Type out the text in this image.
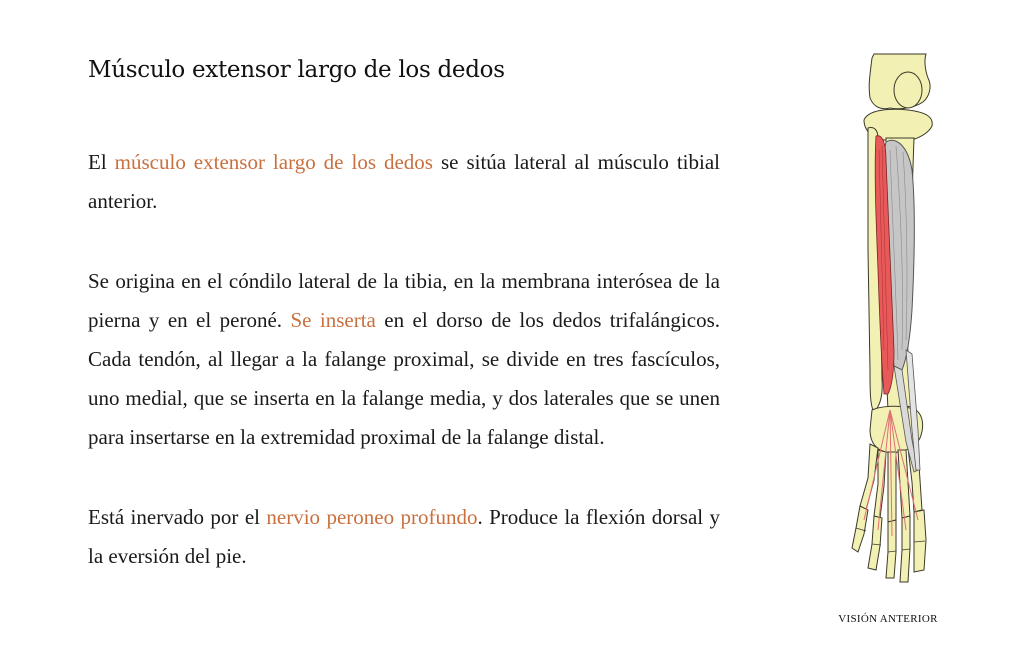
Músculo extensor largo de los dedos

El músculo extensor largo de los dedos se sitúa lateral al músculo tibial anterior.

Se origina en el cóndilo lateral de la tibia, en la membrana interósea de la pierna y en el peroné. Se inserta en el dorso de los dedos trifalángicos. Cada tendón, al llegar a la falange proximal, se divide en tres fascículos, uno medial, que se inserta en la falange media, y dos laterales que se unen para insertarse en la extremidad proximal de la falange distal.

Está inervado por el nervio peroneo profundo. Produce la flexión dorsal y la eversión del pie.

VISIÓN ANTERIOR
